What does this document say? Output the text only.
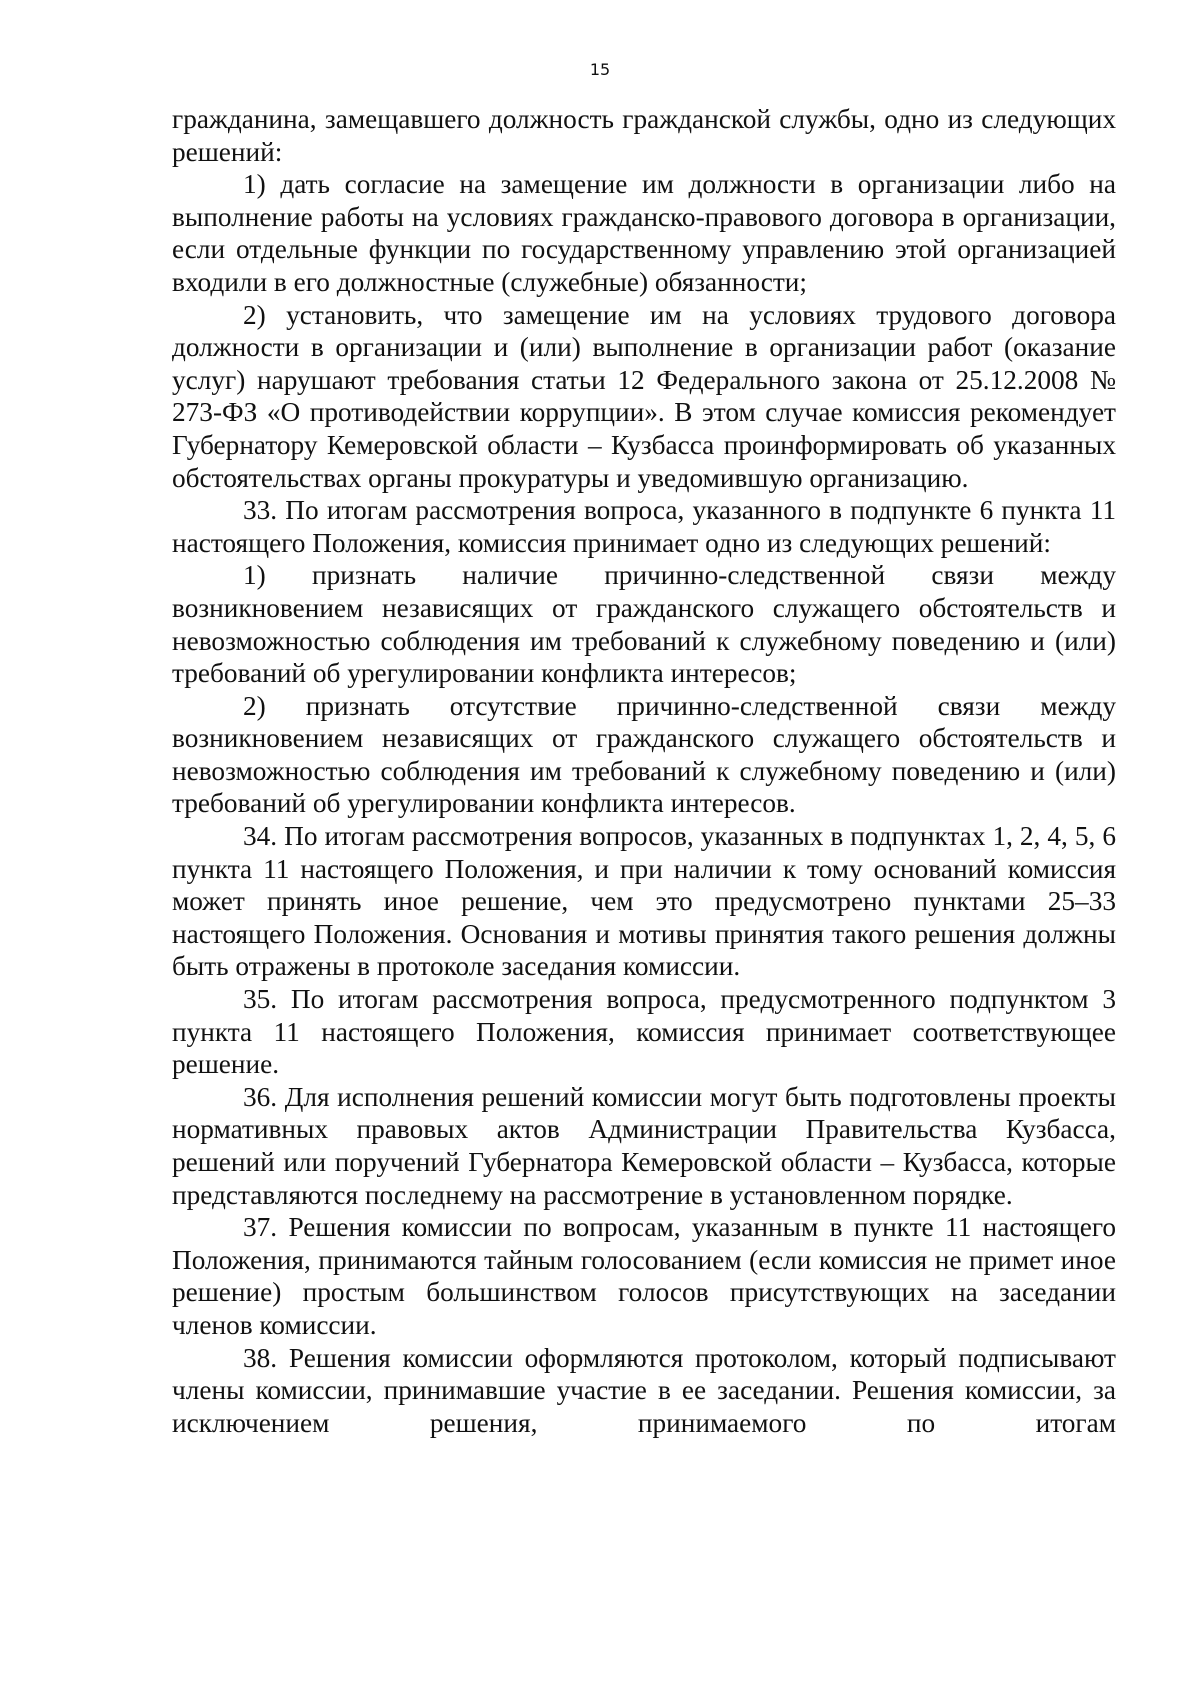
15

гражданина, замещавшего должность гражданской службы, одно из следующих решений:

1) дать согласие на замещение им должности в организации либо на выполнение работы на условиях гражданско-правового договора в организации, если отдельные функции по государственному управлению этой организацией входили в его должностные (служебные) обязанности;

2) установить, что замещение им на условиях трудового договора должности в организации и (или) выполнение в организации работ (оказание услуг) нарушают требования статьи 12 Федерального закона от 25.12.2008 № 273-ФЗ «О противодействии коррупции». В этом случае комиссия рекомендует Губернатору Кемеровской области – Кузбасса проинформировать об указанных обстоятельствах органы прокуратуры и уведомившую организацию.

33. По итогам рассмотрения вопроса, указанного в подпункте 6 пункта 11 настоящего Положения, комиссия принимает одно из следующих решений:

1) признать наличие причинно-следственной связи между возникновением независящих от гражданского служащего обстоятельств и невозможностью соблюдения им требований к служебному поведению и (или) требований об урегулировании конфликта интересов;

2) признать отсутствие причинно-следственной связи между возникновением независящих от гражданского служащего обстоятельств и невозможностью соблюдения им требований к служебному поведению и (или) требований об урегулировании конфликта интересов.

34. По итогам рассмотрения вопросов, указанных в подпунктах 1, 2, 4, 5, 6 пункта 11 настоящего Положения, и при наличии к тому оснований комиссия может принять иное решение, чем это предусмотрено пунктами 25–33 настоящего Положения. Основания и мотивы принятия такого решения должны быть отражены в протоколе заседания комиссии.

35. По итогам рассмотрения вопроса, предусмотренного подпунктом 3 пункта 11 настоящего Положения, комиссия принимает соответствующее решение.

36. Для исполнения решений комиссии могут быть подготовлены проекты нормативных правовых актов Администрации Правительства Кузбасса, решений или поручений Губернатора Кемеровской области – Кузбасса, которые представляются последнему на рассмотрение в установленном порядке.

37. Решения комиссии по вопросам, указанным в пункте 11 настоящего Положения, принимаются тайным голосованием (если комиссия не примет иное решение) простым большинством голосов присутствующих на заседании членов комиссии.

38. Решения комиссии оформляются протоколом, который подписывают члены комиссии, принимавшие участие в ее заседании. Решения комиссии, за исключением решения, принимаемого по итогам
